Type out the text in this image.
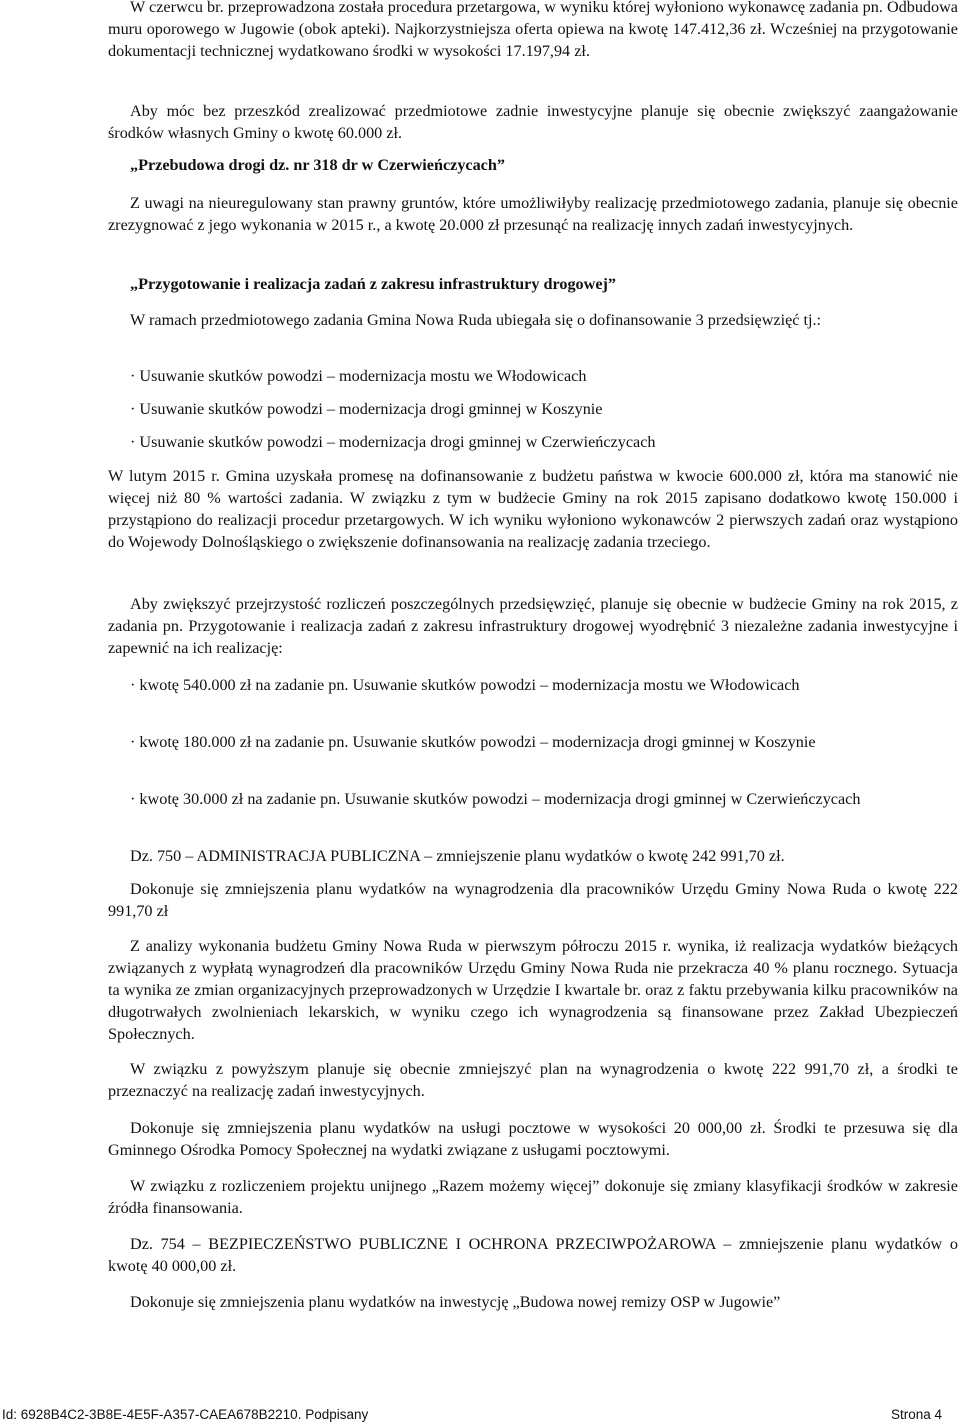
W czerwcu br. przeprowadzona została procedura przetargowa, w wyniku której wyłoniono wykonawcę zadania pn. Odbudowa muru oporowego w Jugowie (obok apteki). Najkorzystniejsza oferta opiewa na kwotę 147.412,36 zł. Wcześniej na przygotowanie dokumentacji technicznej wydatkowano środki w wysokości 17.197,94 zł.

Aby móc bez przeszkód zrealizować przedmiotowe zadnie inwestycyjne planuje się obecnie zwiększyć zaangażowanie środków własnych Gminy o kwotę 60.000 zł.

„Przebudowa drogi dz. nr 318 dr w Czerwieńczycach”

Z uwagi na nieuregulowany stan prawny gruntów, które umożliwiłyby realizację przedmiotowego zadania, planuje się obecnie zrezygnować z jego wykonania w 2015 r., a kwotę 20.000 zł przesunąć na realizację innych zadań inwestycyjnych.

„Przygotowanie i realizacja zadań z zakresu infrastruktury drogowej”

W ramach przedmiotowego zadania Gmina Nowa Ruda ubiegała się o dofinansowanie 3 przedsięwzięć tj.:

· Usuwanie skutków powodzi – modernizacja mostu we Włodowicach

· Usuwanie skutków powodzi – modernizacja drogi gminnej w Koszynie

· Usuwanie skutków powodzi – modernizacja drogi gminnej w Czerwieńczycach

W lutym 2015 r. Gmina uzyskała promesę na dofinansowanie z budżetu państwa w kwocie 600.000 zł, która ma stanowić nie więcej niż 80 % wartości zadania. W związku z tym w budżecie Gminy na rok 2015 zapisano dodatkowo kwotę 150.000 i przystąpiono do realizacji procedur przetargowych. W ich wyniku wyłoniono wykonawców 2 pierwszych zadań oraz wystąpiono do Wojewody Dolnośląskiego o zwiększenie dofinansowania na realizację zadania trzeciego.

Aby zwiększyć przejrzystość rozliczeń poszczególnych przedsięwzięć, planuje się obecnie w budżecie Gminy na rok 2015, z zadania pn. Przygotowanie i realizacja zadań z zakresu infrastruktury drogowej wyodrębnić 3 niezależne zadania inwestycyjne i zapewnić na ich realizację:

· kwotę 540.000 zł na zadanie pn. Usuwanie skutków powodzi – modernizacja mostu we Włodowicach

· kwotę 180.000 zł na zadanie pn. Usuwanie skutków powodzi – modernizacja drogi gminnej w Koszynie

· kwotę 30.000 zł na zadanie pn. Usuwanie skutków powodzi – modernizacja drogi gminnej w Czerwieńczycach

Dz. 750 – ADMINISTRACJA PUBLICZNA – zmniejszenie planu wydatków o kwotę 242 991,70 zł.

Dokonuje się zmniejszenia planu wydatków na wynagrodzenia dla pracowników Urzędu Gminy Nowa Ruda o kwotę 222 991,70 zł

Z analizy wykonania budżetu Gminy Nowa Ruda w pierwszym półroczu 2015 r. wynika, iż realizacja wydatków bieżących związanych z wypłatą wynagrodzeń dla pracowników Urzędu Gminy Nowa Ruda nie przekracza 40 % planu rocznego. Sytuacja ta wynika ze zmian organizacyjnych przeprowadzonych w Urzędzie I kwartale br. oraz z faktu przebywania kilku pracowników na długotrwałych zwolnieniach lekarskich, w wyniku czego ich wynagrodzenia są finansowane przez Zakład Ubezpieczeń Społecznych.

W związku z powyższym planuje się obecnie zmniejszyć plan na wynagrodzenia o kwotę 222 991,70 zł, a środki te przeznaczyć na realizację zadań inwestycyjnych.

Dokonuje się zmniejszenia planu wydatków na usługi pocztowe w wysokości 20 000,00 zł. Środki te przesuwa się dla Gminnego Ośrodka Pomocy Społecznej na wydatki związane z usługami pocztowymi.

W związku z rozliczeniem projektu unijnego „Razem możemy więcej” dokonuje się zmiany klasyfikacji środków w zakresie źródła finansowania.

Dz. 754 – BEZPIECZEŃSTWO PUBLICZNE I OCHRONA PRZECIWPOŻAROWA – zmniejszenie planu wydatków o kwotę 40 000,00 zł.

Dokonuje się zmniejszenia planu wydatków na inwestycję „Budowa nowej remizy OSP w Jugowie”

Id: 6928B4C2-3B8E-4E5F-A357-CAEA678B2210. Podpisany	Strona 4
